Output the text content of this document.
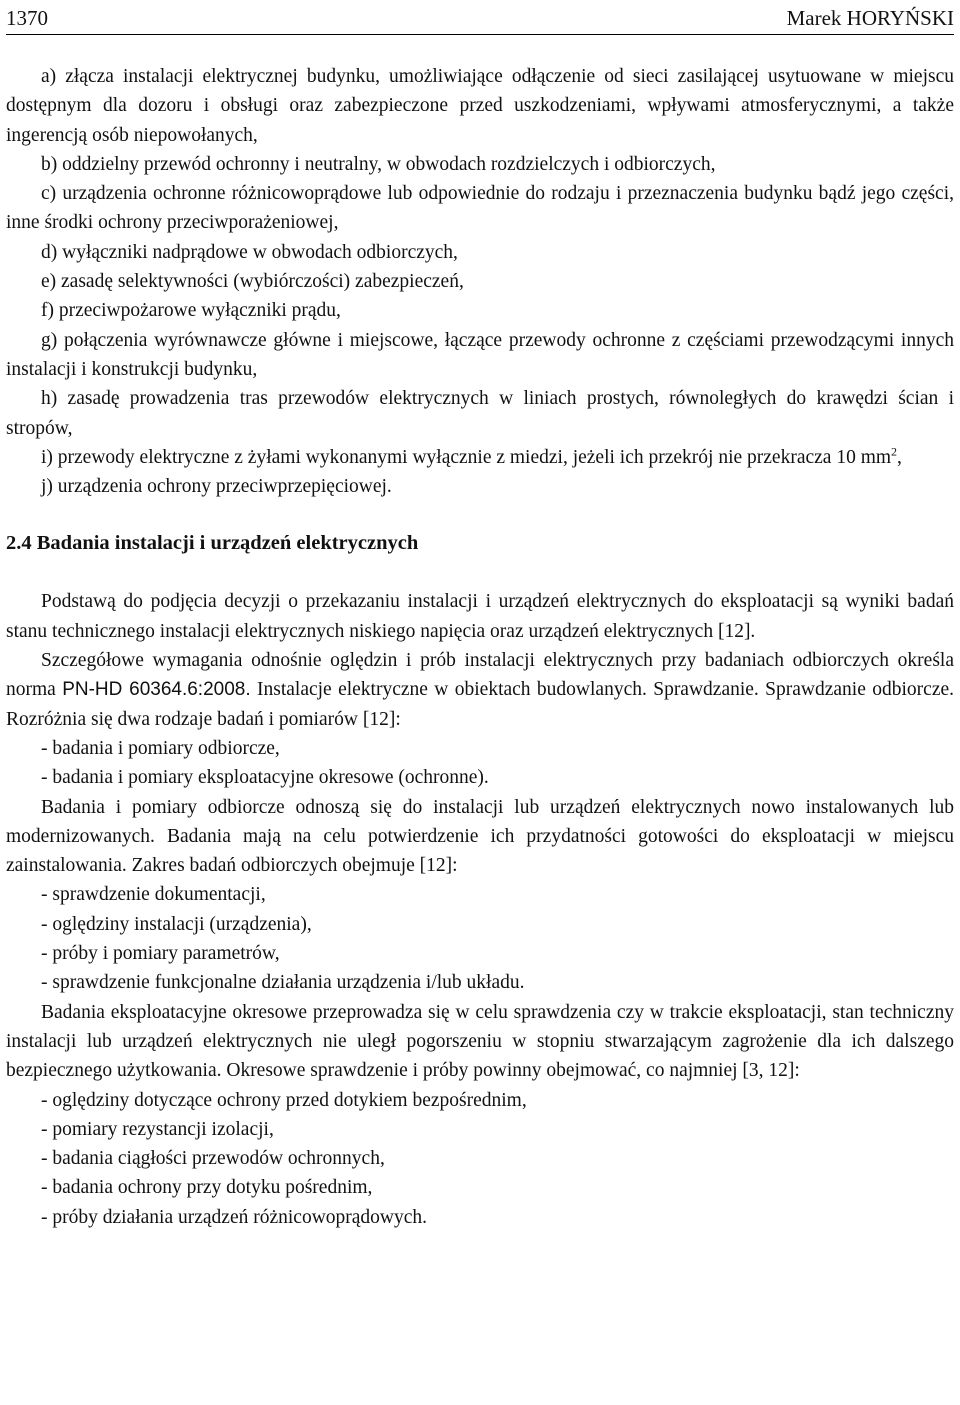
1370	Marek HORYŃSKI

a) złącza instalacji elektrycznej budynku, umożliwiające odłączenie od sieci zasilającej usytuowane w miejscu dostępnym dla dozoru i obsługi oraz zabezpieczone przed uszkodzeniami, wpływami atmosferycznymi, a także ingerencją osób niepowołanych,

b) oddzielny przewód ochronny i neutralny, w obwodach rozdzielczych i odbiorczych,

c) urządzenia ochronne różnicowoprądowe lub odpowiednie do rodzaju i przeznaczenia budynku bądź jego części, inne środki ochrony przeciwporażeniowej,

d) wyłączniki nadprądowe w obwodach odbiorczych,

e) zasadę selektywności (wybiórczości) zabezpieczeń,

f) przeciwpożarowe wyłączniki prądu,

g) połączenia wyrównawcze główne i miejscowe, łączące przewody ochronne z częściami przewodzącymi innych instalacji i konstrukcji budynku,

h) zasadę prowadzenia tras przewodów elektrycznych w liniach prostych, równoległych do krawędzi ścian i stropów,

i) przewody elektryczne z żyłami wykonanymi wyłącznie z miedzi, jeżeli ich przekrój nie przekracza 10 $mm^2$,

j) urządzenia ochrony przeciwprzepięciowej.

2.4 Badania instalacji i urządzeń elektrycznych

Podstawą do podjęcia decyzji o przekazaniu instalacji i urządzeń elektrycznych do eksploatacji są wyniki badań stanu technicznego instalacji elektrycznych niskiego napięcia oraz urządzeń elektrycznych [12].

Szczegółowe wymagania odnośnie oględzin i prób instalacji elektrycznych przy badaniach odbiorczych określa norma PN-HD 60364.6:2008. Instalacje elektryczne w obiektach budowlanych. Sprawdzanie. Sprawdzanie odbiorcze. Rozróżnia się dwa rodzaje badań i pomiarów [12]:

- badania i pomiary odbiorcze,

- badania i pomiary eksploatacyjne okresowe (ochronne).

Badania i pomiary odbiorcze odnoszą się do instalacji lub urządzeń elektrycznych nowo instalowanych lub modernizowanych. Badania mają na celu potwierdzenie ich przydatności gotowości do eksploatacji w miejscu zainstalowania. Zakres badań odbiorczych obejmuje [12]:

- sprawdzenie dokumentacji,

- oględziny instalacji (urządzenia),

- próby i pomiary parametrów,

- sprawdzenie funkcjonalne działania urządzenia i/lub układu.

Badania eksploatacyjne okresowe przeprowadza się w celu sprawdzenia czy w trakcie eksploatacji, stan techniczny instalacji lub urządzeń elektrycznych nie uległ pogorszeniu w stopniu stwarzającym zagrożenie dla ich dalszego bezpiecznego użytkowania. Okresowe sprawdzenie i próby powinny obejmować, co najmniej [3, 12]:

- oględziny dotyczące ochrony przed dotykiem bezpośrednim,

- pomiary rezystancji izolacji,

- badania ciągłości przewodów ochronnych,

- badania ochrony przy dotyku pośrednim,

- próby działania urządzeń różnicowoprądowych.
